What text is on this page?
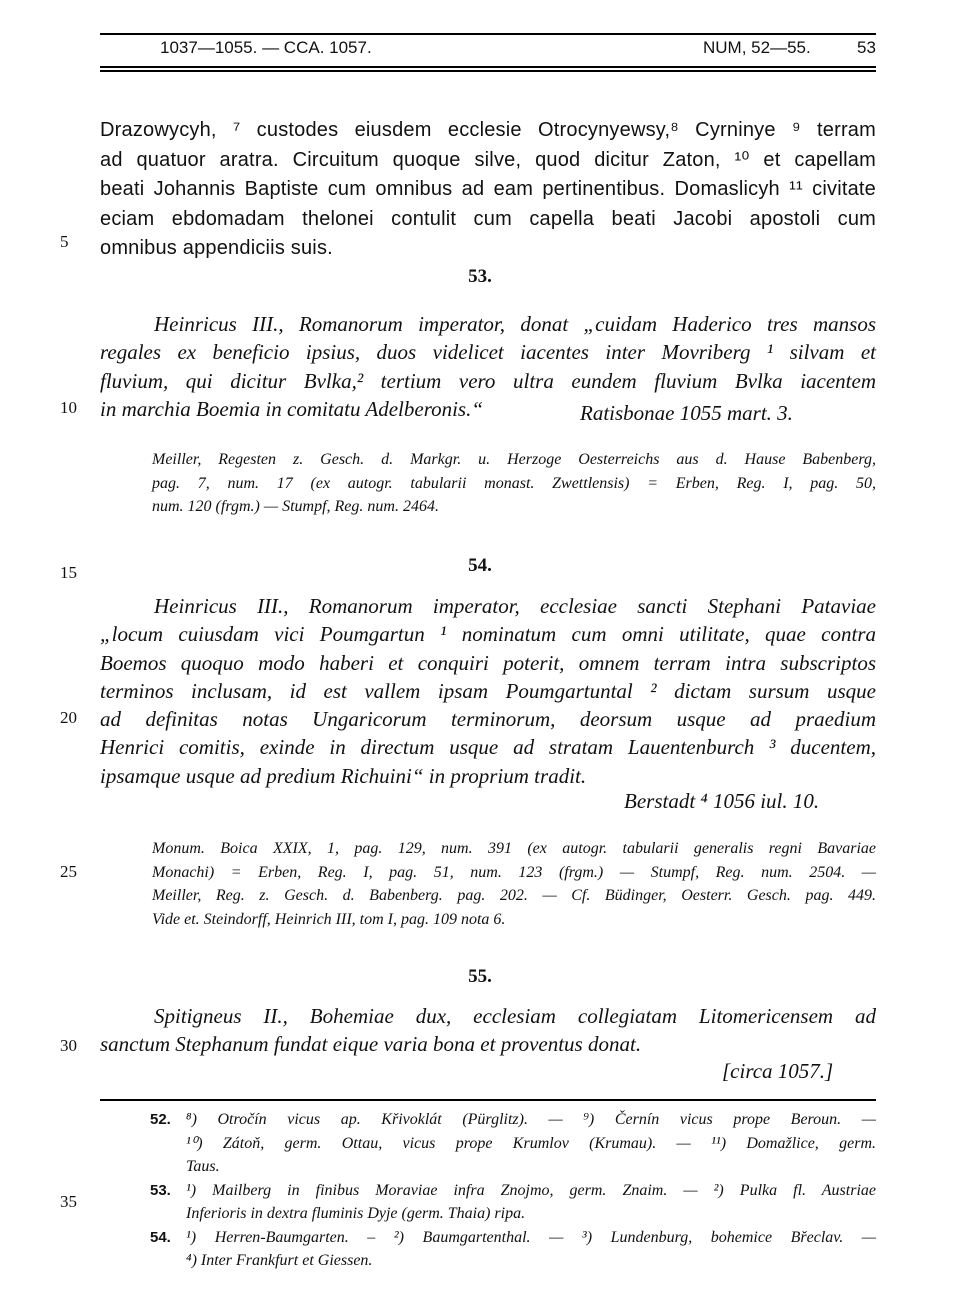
1037—1055. — CCA. 1057.	NUM, 52—55.	53
5
10
15
20
25
30
35
Drazowycyh, ⁷ custodes eiusdem ecclesie Otrocynyewsy,⁸ Cyrninye ⁹ terram
ad quatuor aratra. Circuitum quoque silve, quod dicitur Zaton, ¹⁰ et capellam
beati Johannis Baptiste cum omnibus ad eam pertinentibus. Domaslicyh ¹¹ civitate
eciam ebdomadam thelonei contulit cum capella beati Jacobi apostoli cum
omnibus appendiciis suis.
53.
Heinricus III., Romanorum imperator, donat „cuidam Haderico tres mansos
regales ex beneficio ipsius, duos videlicet iacentes inter Movriberg ¹ silvam et
fluvium, qui dicitur Bvlka,² tertium vero ultra eundem fluvium Bvlka iacentem
in marchia Boemia in comitatu Adelberonis.“	Ratisbonae 1055 mart. 3.
Meiller, Regesten z. Gesch. d. Markgr. u. Herzoge Oesterreichs aus d. Hause Babenberg,
pag. 7, num. 17 (ex autogr. tabularii monast. Zwettlensis) = Erben, Reg. I, pag. 50,
num. 120 (frgm.) — Stumpf, Reg. num. 2464.
54.
Heinricus III., Romanorum imperator, ecclesiae sancti Stephani Pataviae
„locum cuiusdam vici Poumgartun ¹ nominatum cum omni utilitate, quae contra
Boemos quoquo modo haberi et conquiri poterit, omnem terram intra subscriptos
terminos inclusam, id est vallem ipsam Poumgartuntal ² dictam sursum usque
ad definitas notas Ungaricorum terminorum, deorsum usque ad praedium
Henrici comitis, exinde in directum usque ad stratam Lauentenburch ³ ducentem,
ipsamque usque ad predium Richuini“ in proprium tradit.
Berstadt ⁴ 1056 iul. 10.
Monum. Boica XXIX, 1, pag. 129, num. 391 (ex autogr. tabularii generalis regni Bavariae
Monachi) = Erben, Reg. I, pag. 51, num. 123 (frgm.) — Stumpf, Reg. num. 2504. —
Meiller, Reg. z. Gesch. d. Babenberg. pag. 202. — Cf. Büdinger, Oesterr. Gesch. pag. 449.
Vide et. Steindorff, Heinrich III, tom I, pag. 109 nota 6.
55.
Spitigneus II., Bohemiae dux, ecclesiam collegiatam Litomericensem ad
sanctum Stephanum fundat eique varia bona et proventus donat.
[circa 1057.]
52. ⁸) Otročín vicus ap. Křivoklát (Pürglitz). — ⁹) Černín vicus prope Beroun. —
¹⁰) Zátoň, germ. Ottau, vicus prope Krumlov (Krumau). — ¹¹) Domažlice, germ.
Taus.
53. ¹) Mailberg in finibus Moraviae infra Znojmo, germ. Znaim. — ²) Pulka fl. Austriae
Inferioris in dextra fluminis Dyje (germ. Thaia) ripa.
54. ¹) Herren-Baumgarten. – ²) Baumgartenthal. — ³) Lundenburg, bohemice Břeclav. —
⁴) Inter Frankfurt et Giessen.
